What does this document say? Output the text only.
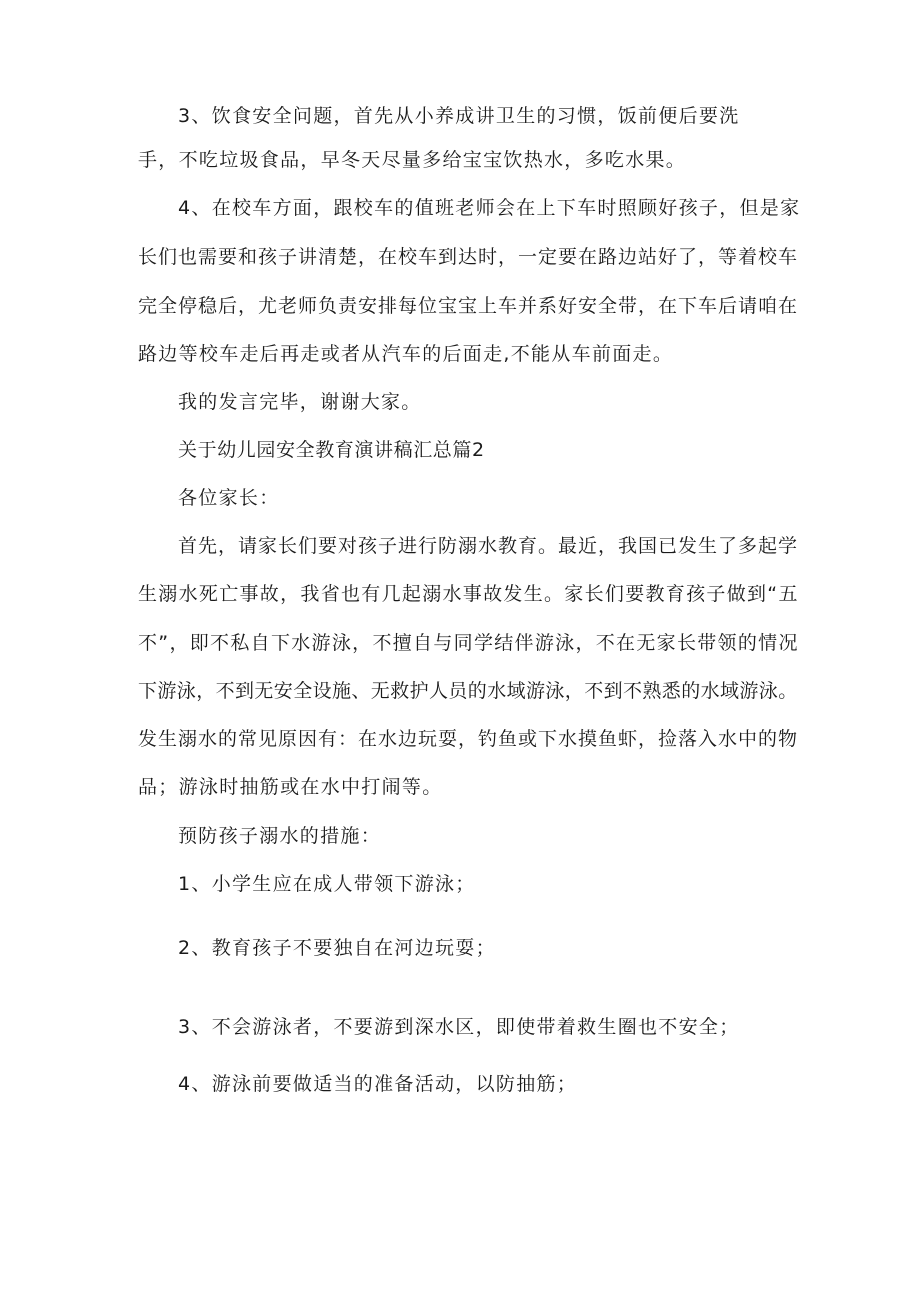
3、饮食安全问题，首先从小养成讲卫生的习惯，饭前便后要洗

手，不吃垃圾食品，早冬天尽量多给宝宝饮热水，多吃水果。

4、在校车方面，跟校车的值班老师会在上下车时照顾好孩子，但是家

长们也需要和孩子讲清楚，在校车到达时，一定要在路边站好了，等着校车

完全停稳后，尤老师负责安排每位宝宝上车并系好安全带，在下车后请咱在

路边等校车走后再走或者从汽车的后面走,不能从车前面走。

我的发言完毕，谢谢大家。

关于幼儿园安全教育演讲稿汇总篇2

各位家长：

首先，请家长们要对孩子进行防溺水教育。最近，我国已发生了多起学

生溺水死亡事故，我省也有几起溺水事故发生。家长们要教育孩子做到“五

不”，即不私自下水游泳，不擅自与同学结伴游泳，不在无家长带领的情况

下游泳，不到无安全设施、无救护人员的水域游泳，不到不熟悉的水域游泳。

发生溺水的常见原因有：在水边玩耍，钓鱼或下水摸鱼虾，捡落入水中的物

品；游泳时抽筋或在水中打闹等。

预防孩子溺水的措施：

1、小学生应在成人带领下游泳；

2、教育孩子不要独自在河边玩耍；

3、不会游泳者，不要游到深水区，即使带着救生圈也不安全；

4、游泳前要做适当的准备活动，以防抽筋；
